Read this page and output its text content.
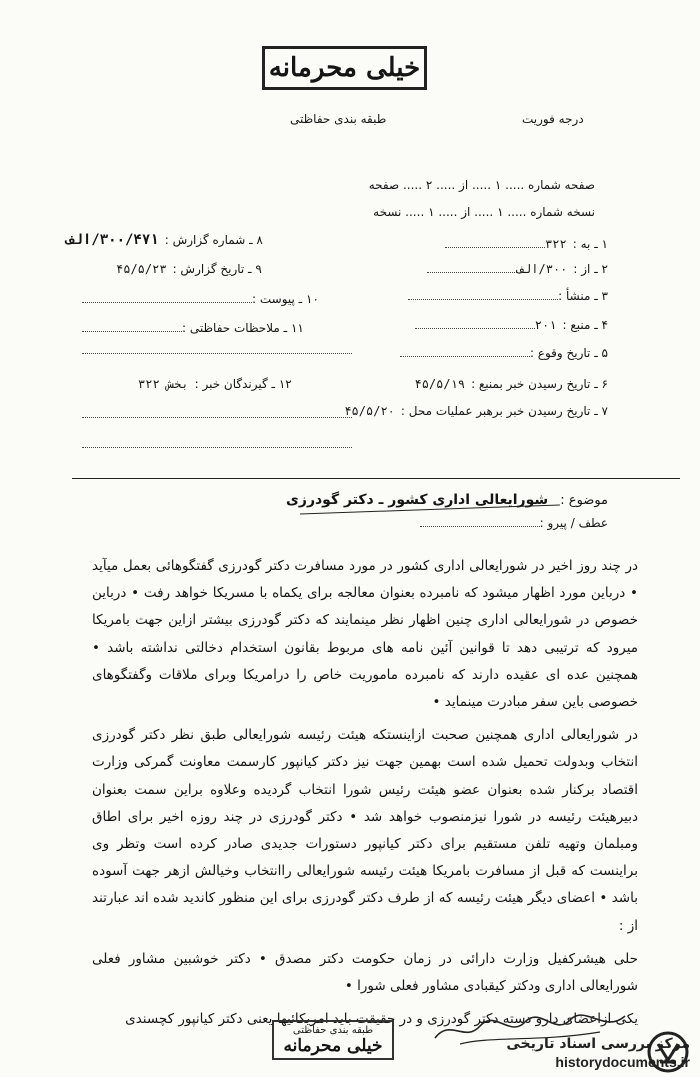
خیلی محرمانه
طبقه بندی حفاظتی	درجه فوریت
صفحه شماره ..... ۱ ..... از ..... ۲ ..... صفحه
نسخه شماره ..... ۱ ..... از ..... ۱ ..... نسخه
۱ ـ به :۳۲۲
۲ ـ از :۳۰۰/الف
۳ ـ منشأ :
۴ ـ منبع :۲۰۱
۵ ـ تاریخ وقوع :
۶ ـ تاریخ رسیدن خبر بمنبع :۴۵/۵/۱۹
۷ ـ تاریخ رسیدن خبر برهبر عملیات محل :۴۵/۵/۲۰
۸ ـ شماره گزارش :۳۰۰/۴۷۱/الف
۹ ـ تاریخ گزارش :۴۵/۵/۲۳
۱۰ ـ پیوست :
۱۱ ـ ملاحظات حفاظتی :
۱۲ ـ گیرندگان خبر :بخش ۳۲۲
موضوع : شورایعالی اداری کشور ـ دکتر گودرزی
عطف / پیرو :

در چند روز اخیر در شورایعالی اداری کشور در مورد مسافرت دکتر گودرزی گفتگوهائی بعمل میآید • درباین مورد اظهار میشود که نامبرده بعنوان معالجه برای یکماه با مسریکا خواهد رفت • درباین خصوص در شورایعالی اداری چنین اظهار نظر مینمایند که دکتر گودرزی بیشتر ازاین جهت بامریکا میرود که ترتیبی دهد تا قوانین آئین نامه های مربوط بقانون استخدام دخالتی نداشته باشد • همچنین عده ای عقیده دارند که نامبرده ماموریت خاص را درامریکا وبرای ملاقات وگفتگوهای خصوصی باین سفر مبادرت مینماید •

در شورایعالی اداری همچنین صحبت ازاینستکه هیئت رئیسه شورایعالی طبق نظر دکتر گودرزی انتخاب وبدولت تحمیل شده است بهمین جهت نیز دکتر کیانپور کارسمت معاونت گمرکی وزارت اقتصاد برکنار شده بعنوان عضو هیئت رئیس شورا انتخاب گردیده وعلاوه براین سمت بعنوان دبیرهیئت رئیسه در شورا نیزمنصوب خواهد شد • دکتر گودرزی در چند روزه اخیر برای اطاق ومبلمان وتهیه تلفن مستقیم برای دکتر کیانپور دستورات جدیدی صادر کرده است وتظر وی براینست که قبل از مسافرت بامریکا هیئت رئیسه شورایعالی راانتخاب وخیالش ازهر جهت آسوده باشد • اعضای دیگر هیئت رئیسه که از طرف دکتر گودرزی برای این منظور کاندید شده اند عبارتند از :

حلی هیشرکفیل وزارت دارائی در زمان حکومت دکتر مصدق • دکتر خوشبین مشاور فعلی شورایعالی اداری ودکتر کیقبادی مشاور فعلی شورا •

یکی ازاعضای دارو دسته دکتر گودرزی و در حقیقت باید امریکائیها یعنی دکتر کیانپور کچسندی

طبقه بندی حفاظتی
خیلی محرمانه	مرکز بررسی اسناد تاریخی
historydocuments.ir
